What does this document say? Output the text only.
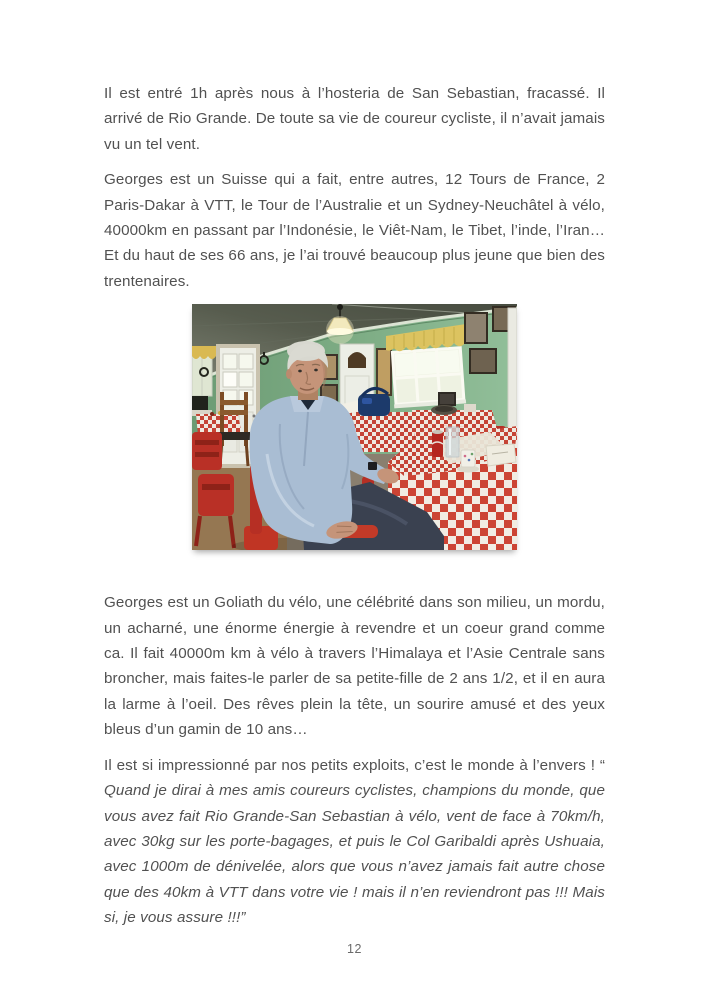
Il est entré 1h après nous à l’hosteria de San Sebastian, fracassé. Il arrivé de Rio Grande. De toute sa vie de coureur cycliste, il n’avait jamais vu un tel vent.

Georges est un Suisse qui a fait, entre autres, 12 Tours de France, 2 Paris-Dakar à VTT, le Tour de l’Australie et un Sydney-Neuchâtel à vélo, 40000km en passant par l’Indonésie, le Viêt-Nam, le Tibet, l’inde, l’Iran… Et du haut de ses 66 ans, je l’ai trouvé beaucoup plus jeune que bien des trentenaires.

Georges est un Goliath du vélo, une célébrité dans son milieu, un mordu, un acharné, une énorme énergie à revendre et un coeur grand comme ca. Il fait 40000m km à vélo à travers l’Himalaya et l’Asie Centrale sans broncher, mais faites-le parler de sa petite-fille de 2 ans 1/2, et il en aura la larme à l’oeil. Des rêves plein la tête, un sourire amusé et des yeux bleus d’un gamin de 10 ans…

Il est si impressionné par nos petits exploits, c’est le monde à l’envers ! “ Quand je dirai à mes amis coureurs cyclistes, champions du monde, que vous avez fait Rio Grande-San Sebastian à vélo, vent de face à 70km/h, avec 30kg sur les porte-bagages, et puis le Col Garibaldi après Ushuaia, avec 1000m de dénivelée, alors que vous n’avez jamais fait autre chose que des 40km à VTT dans votre vie ! mais il n’en reviendront pas !!! Mais si, je vous assure !!!”

12
